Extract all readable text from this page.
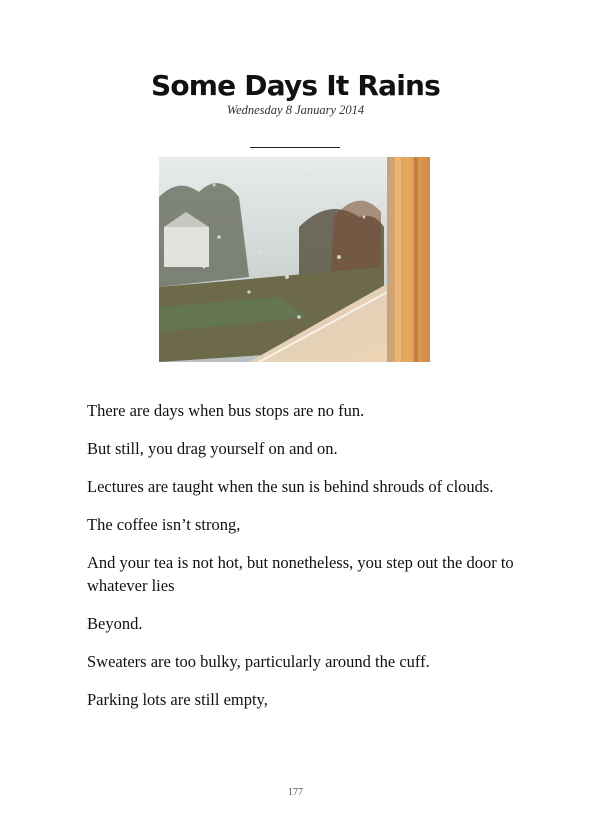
Some Days It Rains
Wednesday 8 January 2014

There are days when bus stops are no fun.

But still, you drag yourself on and on.

Lectures are taught when the sun is behind shrouds of clouds.

The coffee isn’t strong,

And your tea is not hot, but nonetheless, you step out the door to whatever lies

Beyond.

Sweaters are too bulky, particularly around the cuff.

Parking lots are still empty,

177
